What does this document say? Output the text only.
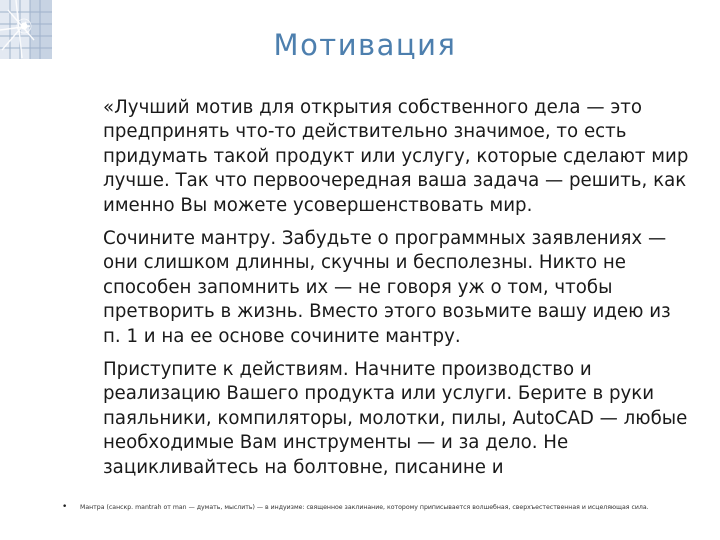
Мотивация

«Лучший мотив для открытия собственного дела — это предпринять что-то действительно значимое, то есть придумать такой продукт или услугу, которые сделают мир лучше. Так что первоочередная ваша задача — решить, как именно Вы можете усовершенствовать мир.

Сочините мантру. Забудьте о программных заявлениях — они слишком длинны, скучны и бесполезны. Никто не способен запомнить их — не говоря уж о том, чтобы претворить в жизнь. Вместо этого возьмите вашу идею из п. 1 и на ее основе сочините мантру.

Приступите к действиям. Начните производство и реализацию Вашего продукта или услуги. Берите в руки паяльники, компиляторы, молотки, пилы, AutoCAD — любые необходимые Вам инструменты — и за дело. Не зацикливайтесь на болтовне, писанине и

•	Мантра (санскр. mantrah от man — думать, мыслить) — в индуизме: священное заклинание, которому приписывается волшебная, сверхъестественная и исцеляющая сила.
